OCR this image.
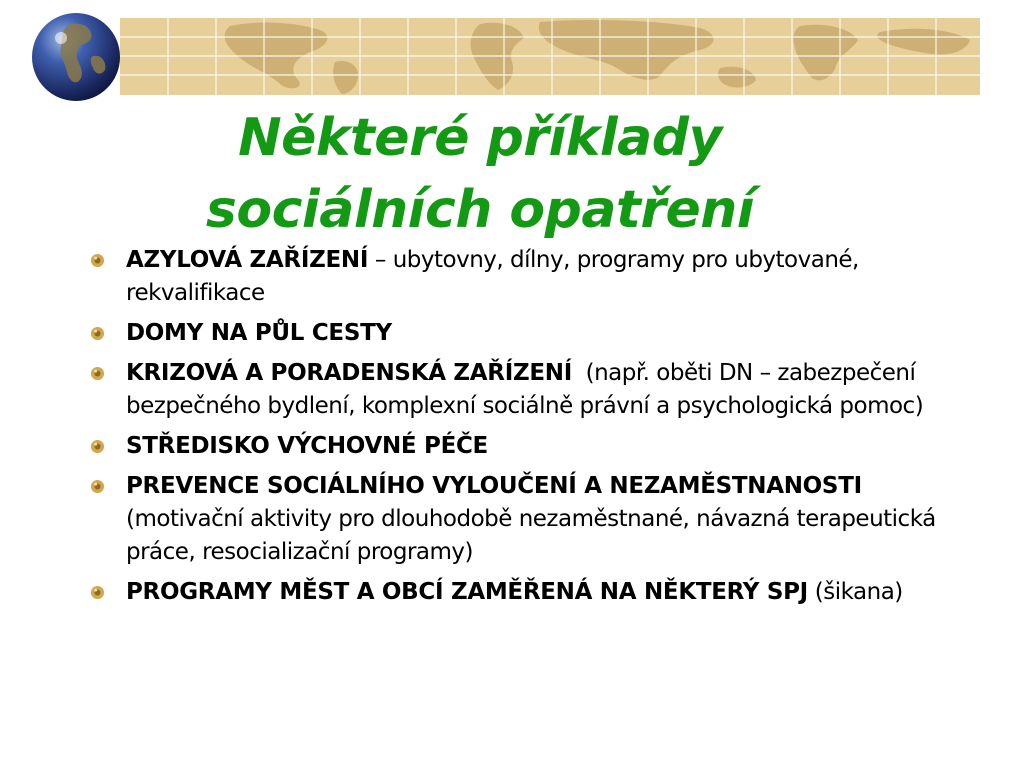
Některé příklady
sociálních opatření
AZYLOVÁ ZAŘÍZENÍ – ubytovny, dílny, programy pro ubytované, rekvalifikace
DOMY NA PŮL CESTY
KRIZOVÁ A PORADENSKÁ ZAŘÍZENÍ  (např. oběti DN – zabezpečení bezpečného bydlení, komplexní sociálně právní a psychologická pomoc)
STŘEDISKO VÝCHOVNÉ PÉČE
PREVENCE SOCIÁLNÍHO VYLOUČENÍ A NEZAMĚSTNANOSTI (motivační aktivity pro dlouhodobě nezaměstnané, návazná terapeutická práce, resocializační programy)
PROGRAMY MĚST A OBCÍ ZAMĚŘENÁ NA NĚKTERÝ SPJ (šikana)
